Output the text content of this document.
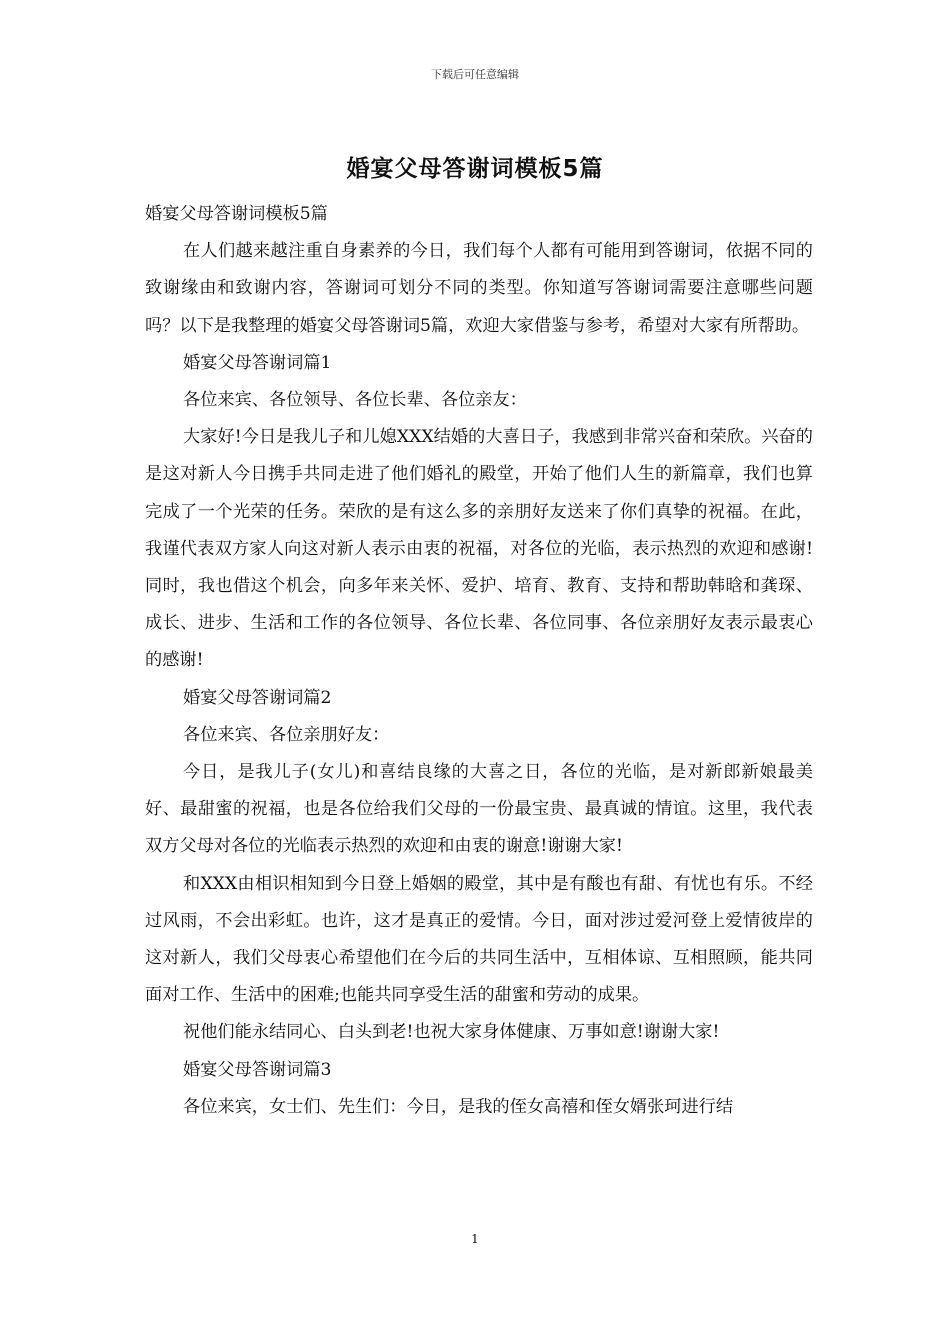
下载后可任意编辑
婚宴父母答谢词模板5篇

婚宴父母答谢词模板5篇

在人们越来越注重自身素养的今日，我们每个人都有可能用到答谢词，依据不同的致谢缘由和致谢内容，答谢词可划分不同的类型。你知道写答谢词需要注意哪些问题吗？以下是我整理的婚宴父母答谢词5篇，欢迎大家借鉴与参考，希望对大家有所帮助。

婚宴父母答谢词篇1

各位来宾、各位领导、各位长辈、各位亲友：

大家好!今日是我儿子和儿媳XXX结婚的大喜日子，我感到非常兴奋和荣欣。兴奋的是这对新人今日携手共同走进了他们婚礼的殿堂，开始了他们人生的新篇章，我们也算完成了一个光荣的任务。荣欣的是有这么多的亲朋好友送来了你们真挚的祝福。在此，我谨代表双方家人向这对新人表示由衷的祝福，对各位的光临，表示热烈的欢迎和感谢!同时，我也借这个机会，向多年来关怀、爱护、培育、教育、支持和帮助韩晗和龚琛、成长、进步、生活和工作的各位领导、各位长辈、各位同事、各位亲朋好友表示最衷心的感谢!

婚宴父母答谢词篇2

各位来宾、各位亲朋好友：

今日，是我儿子(女儿)和喜结良缘的大喜之日，各位的光临，是对新郎新娘最美好、最甜蜜的祝福，也是各位给我们父母的一份最宝贵、最真诚的情谊。这里，我代表双方父母对各位的光临表示热烈的欢迎和由衷的谢意!谢谢大家!

和XXX由相识相知到今日登上婚姻的殿堂，其中是有酸也有甜、有忧也有乐。不经过风雨，不会出彩虹。也许，这才是真正的爱情。今日，面对涉过爱河登上爱情彼岸的这对新人，我们父母衷心希望他们在今后的共同生活中，互相体谅、互相照顾，能共同面对工作、生活中的困难;也能共同享受生活的甜蜜和劳动的成果。

祝他们能永结同心、白头到老!也祝大家身体健康、万事如意!谢谢大家!

婚宴父母答谢词篇3

各位来宾，女士们、先生们：今日，是我的侄女高禧和侄女婿张珂进行结

1
